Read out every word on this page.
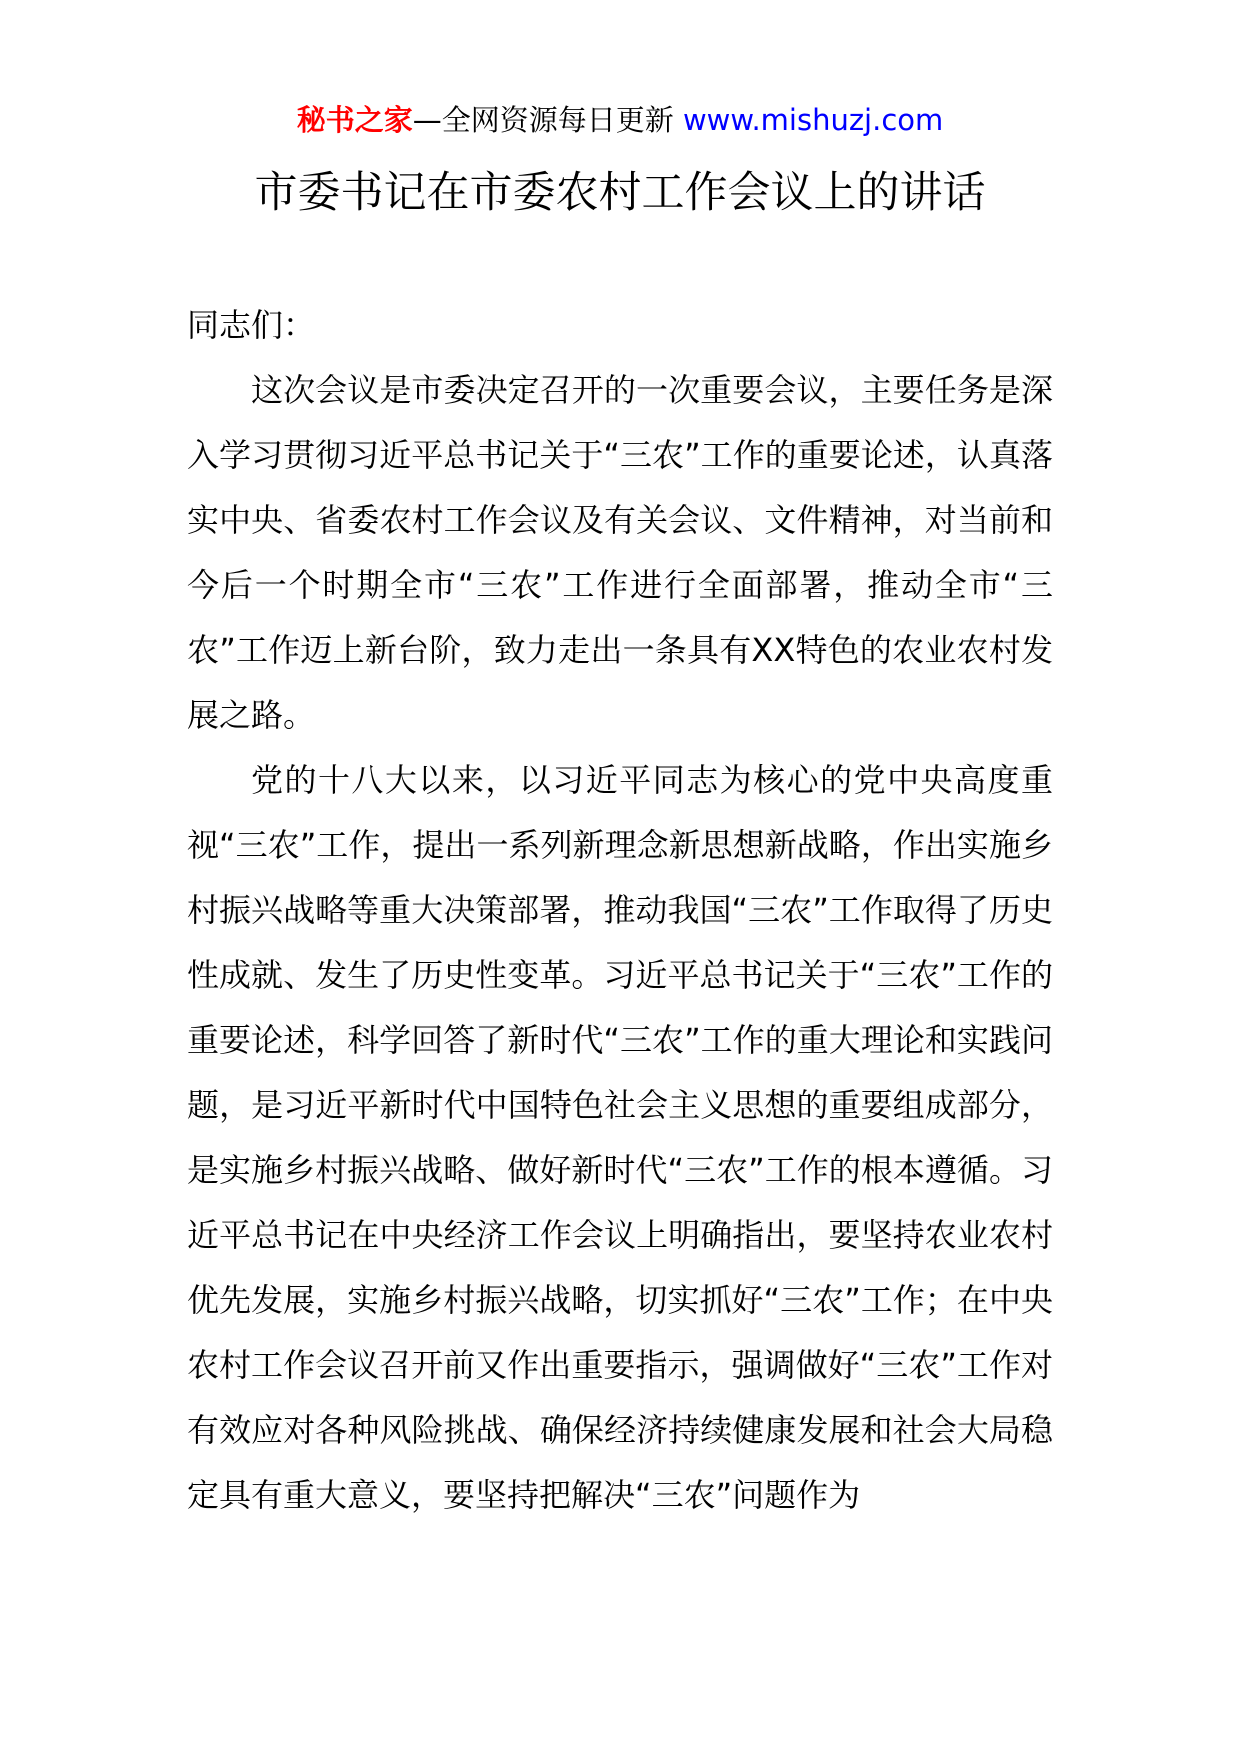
秘书之家—全网资源每日更新 www.mishuzj.com
市委书记在市委农村工作会议上的讲话

同志们：

这次会议是市委决定召开的一次重要会议，主要任务是深入学习贯彻习近平总书记关于“三农”工作的重要论述，认真落实中央、省委农村工作会议及有关会议、文件精神，对当前和今后一个时期全市“三农”工作进行全面部署，推动全市“三农”工作迈上新台阶，致力走出一条具有XX特色的农业农村发展之路。

党的十八大以来，以习近平同志为核心的党中央高度重视“三农”工作，提出一系列新理念新思想新战略，作出实施乡村振兴战略等重大决策部署，推动我国“三农”工作取得了历史性成就、发生了历史性变革。习近平总书记关于“三农”工作的重要论述，科学回答了新时代“三农”工作的重大理论和实践问题，是习近平新时代中国特色社会主义思想的重要组成部分，是实施乡村振兴战略、做好新时代“三农”工作的根本遵循。习近平总书记在中央经济工作会议上明确指出，要坚持农业农村优先发展，实施乡村振兴战略，切实抓好“三农”工作；在中央农村工作会议召开前又作出重要指示，强调做好“三农”工作对有效应对各种风险挑战、确保经济持续健康发展和社会大局稳定具有重大意义，要坚持把解决“三农”问题作为
